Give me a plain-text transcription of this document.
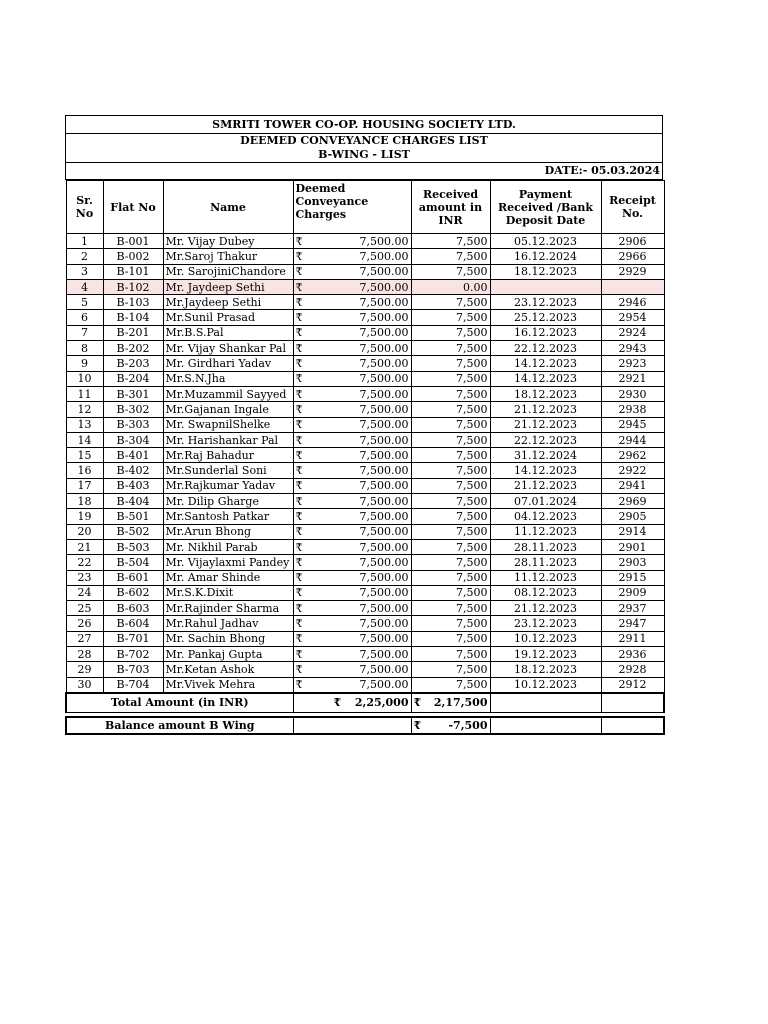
SMRITI TOWER CO-OP. HOUSING SOCIETY LTD.
DEEMED CONVEYANCE CHARGES LIST
B-WING - LIST
DATE:- 05.03.2024
Sr. No	Flat No	Name	Deemed Conveyance Charges	Received amount in INR	Payment Received /Bank Deposit Date	Receipt No.
1	B-001	Mr. Vijay Dubey	₹ 7,500.00	7,500	05.12.2023	2906
2	B-002	Mr.Saroj Thakur	₹ 7,500.00	7,500	16.12.2024	2966
3	B-101	Mr. SarojiniChandore	₹ 7,500.00	7,500	18.12.2023	2929
4	B-102	Mr. Jaydeep Sethi	₹ 7,500.00	0.00		
5	B-103	Mr.Jaydeep Sethi	₹ 7,500.00	7,500	23.12.2023	2946
6	B-104	Mr.Sunil Prasad	₹ 7,500.00	7,500	25.12.2023	2954
7	B-201	Mr.B.S.Pal	₹ 7,500.00	7,500	16.12.2023	2924
8	B-202	Mr. Vijay Shankar Pal	₹ 7,500.00	7,500	22.12.2023	2943
9	B-203	Mr. Girdhari Yadav	₹ 7,500.00	7,500	14.12.2023	2923
10	B-204	Mr.S.N.Jha	₹ 7,500.00	7,500	14.12.2023	2921
11	B-301	Mr.Muzammil Sayyed	₹ 7,500.00	7,500	18.12.2023	2930
12	B-302	Mr.Gajanan Ingale	₹ 7,500.00	7,500	21.12.2023	2938
13	B-303	Mr. SwapnilShelke	₹ 7,500.00	7,500	21.12.2023	2945
14	B-304	Mr. Harishankar Pal	₹ 7,500.00	7,500	22.12.2023	2944
15	B-401	Mr.Raj Bahadur	₹ 7,500.00	7,500	31.12.2024	2962
16	B-402	Mr.Sunderlal Soni	₹ 7,500.00	7,500	14.12.2023	2922
17	B-403	Mr.Rajkumar Yadav	₹ 7,500.00	7,500	21.12.2023	2941
18	B-404	Mr. Dilip Gharge	₹ 7,500.00	7,500	07.01.2024	2969
19	B-501	Mr.Santosh Patkar	₹ 7,500.00	7,500	04.12.2023	2905
20	B-502	Mr.Arun Bhong	₹ 7,500.00	7,500	11.12.2023	2914
21	B-503	Mr. Nikhil Parab	₹ 7,500.00	7,500	28.11.2023	2901
22	B-504	Mr. Vijaylaxmi Pandey	₹ 7,500.00	7,500	28.11.2023	2903
23	B-601	Mr. Amar Shinde	₹ 7,500.00	7,500	11.12.2023	2915
24	B-602	Mr.S.K.Dixit	₹ 7,500.00	7,500	08.12.2023	2909
25	B-603	Mr.Rajinder Sharma	₹ 7,500.00	7,500	21.12.2023	2937
26	B-604	Mr.Rahul Jadhav	₹ 7,500.00	7,500	23.12.2023	2947
27	B-701	Mr. Sachin Bhong	₹ 7,500.00	7,500	10.12.2023	2911
28	B-702	Mr. Pankaj Gupta	₹ 7,500.00	7,500	19.12.2023	2936
29	B-703	Mr.Ketan Ashok	₹ 7,500.00	7,500	18.12.2023	2928
30	B-704	Mr.Vivek Mehra	₹ 7,500.00	7,500	10.12.2023	2912
Total Amount (in INR)			₹ 2,25,000	₹ 2,17,500		

Balance amount B Wing				₹ -7,500		
